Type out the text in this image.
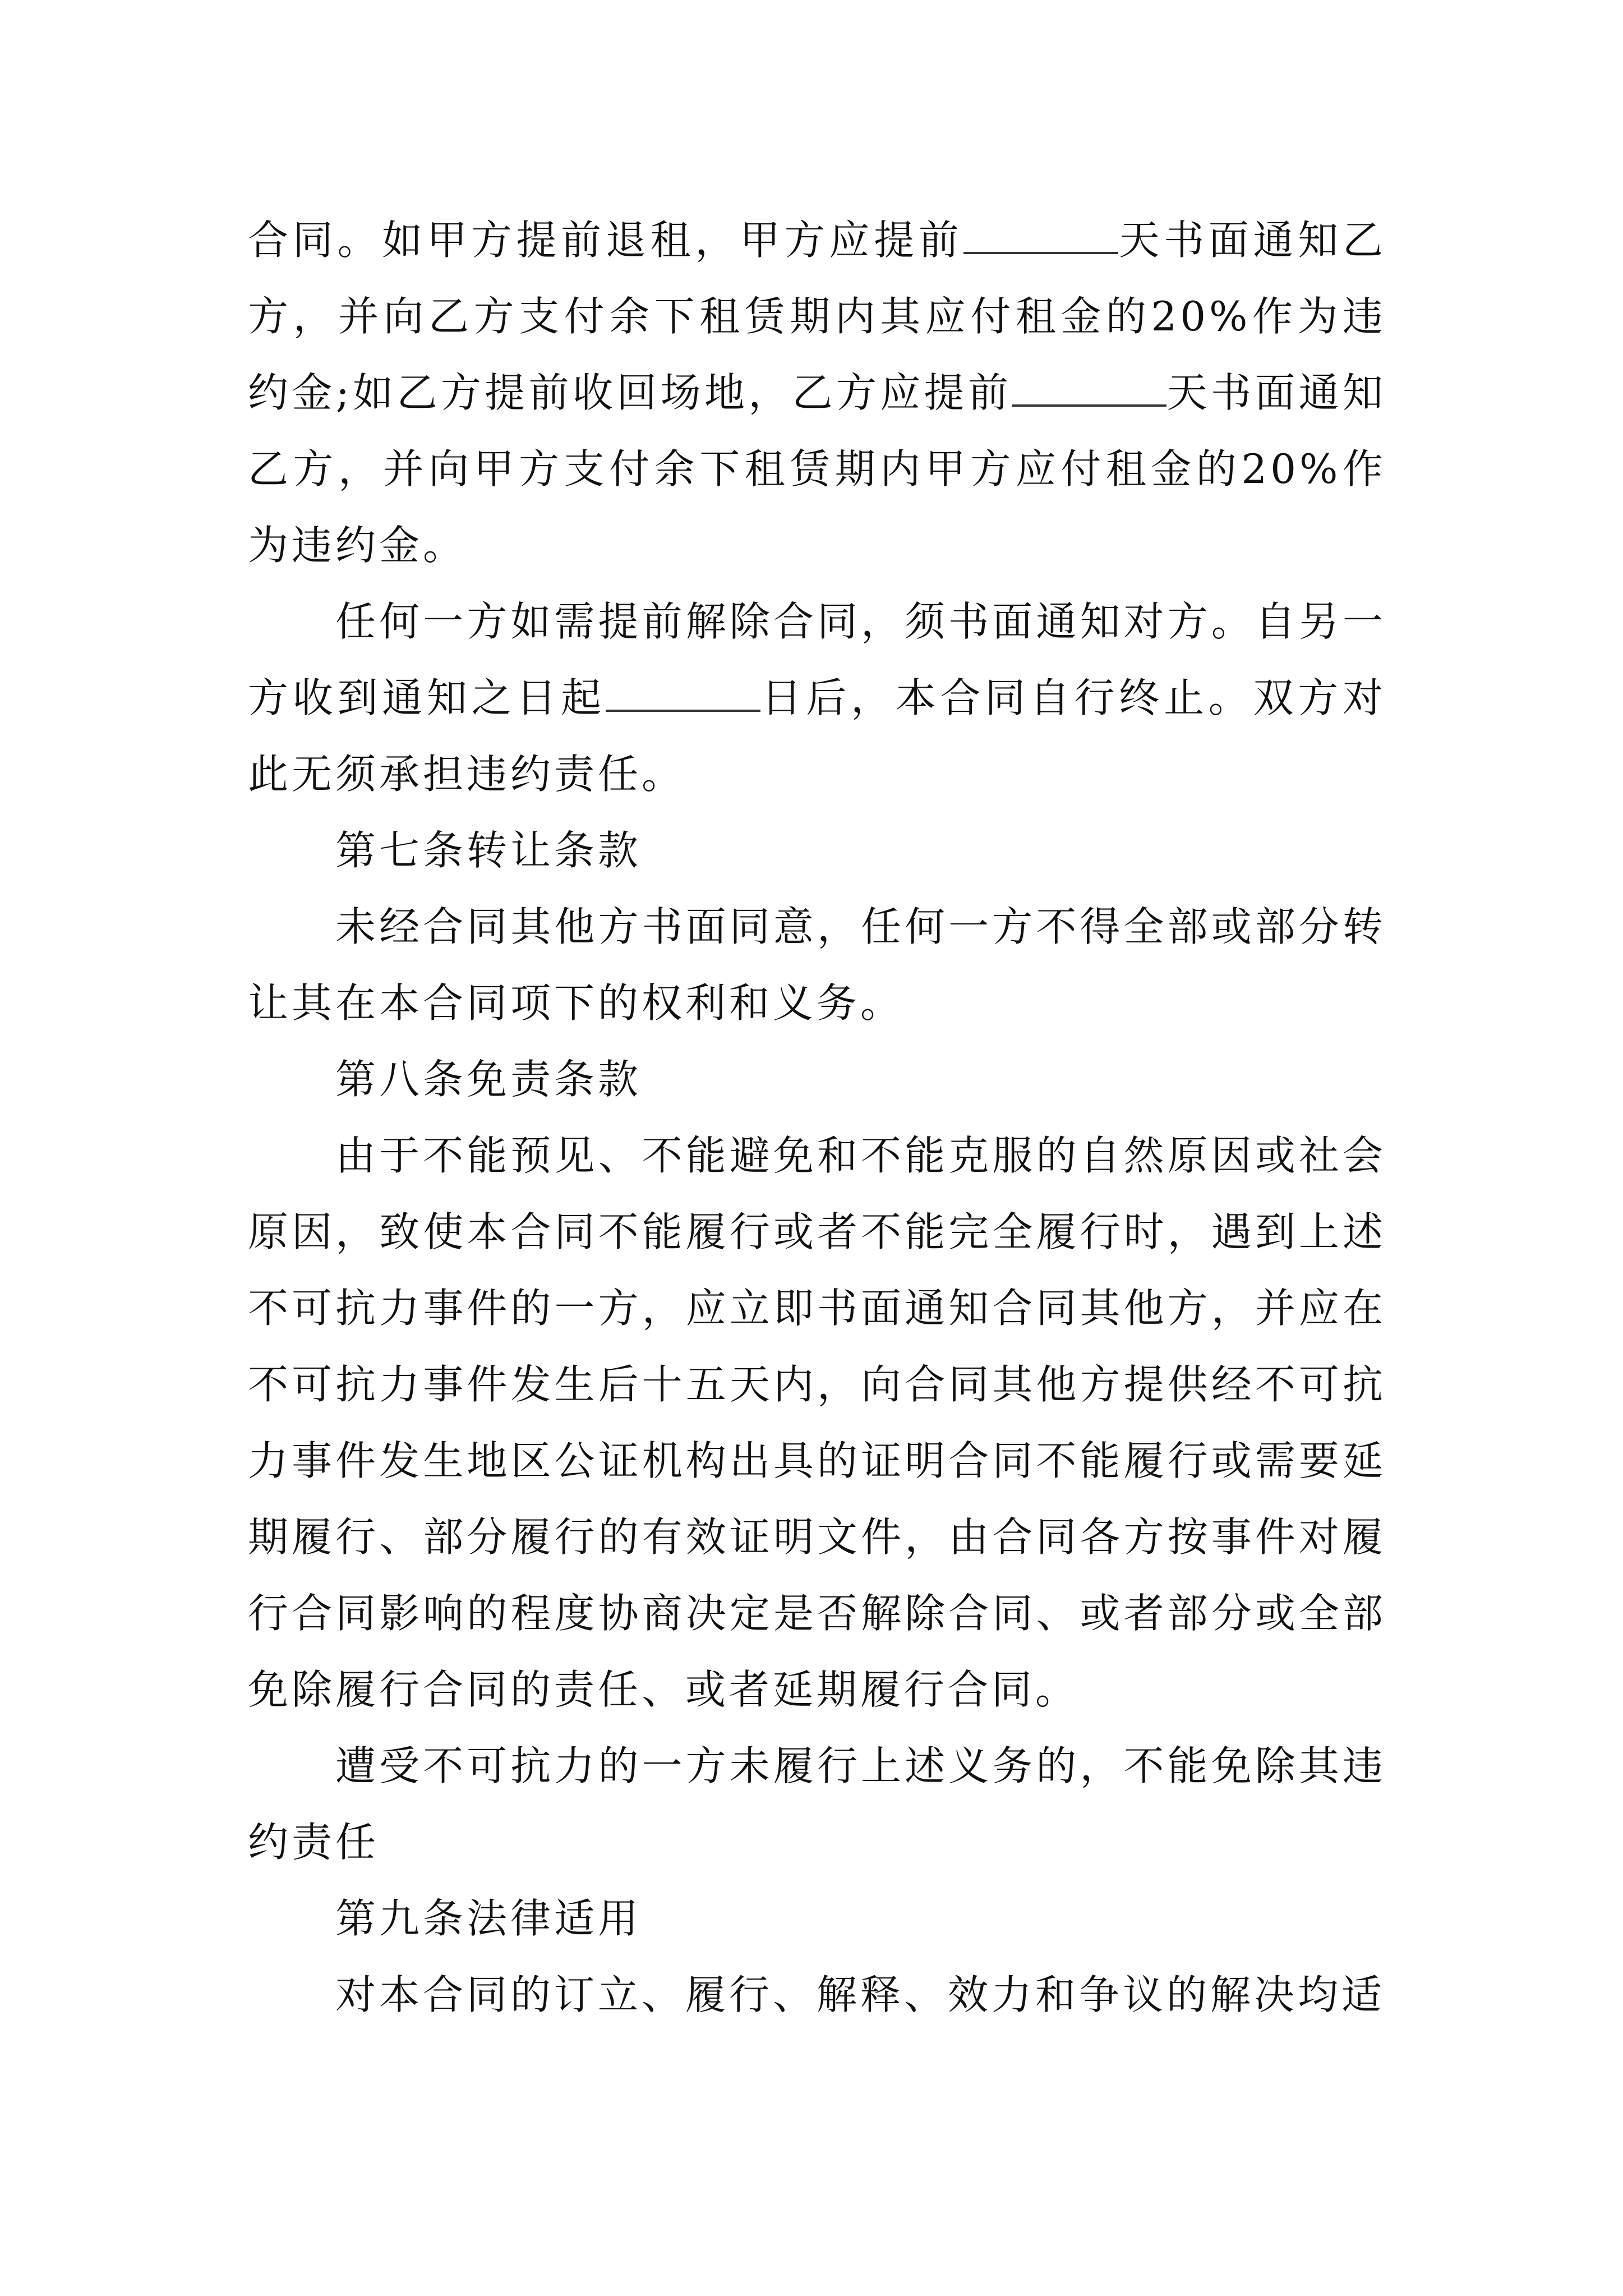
合同。如甲方提前退租，甲方应提前	天书面通知乙方，并向乙方支付余下租赁期内其应付租金的20%作为违约金;如乙方提前收回场地，乙方应提前	天书面通知乙方，并向甲方支付余下租赁期内甲方应付租金的20%作为违约金。

任何一方如需提前解除合同，须书面通知对方。自另一方收到通知之日起	日后，本合同自行终止。双方对此无须承担违约责任。

第七条转让条款

未经合同其他方书面同意，任何一方不得全部或部分转让其在本合同项下的权利和义务。

第八条免责条款

由于不能预见、不能避免和不能克服的自然原因或社会原因，致使本合同不能履行或者不能完全履行时，遇到上述不可抗力事件的一方，应立即书面通知合同其他方，并应在不可抗力事件发生后十五天内，向合同其他方提供经不可抗力事件发生地区公证机构出具的证明合同不能履行或需要延期履行、部分履行的有效证明文件，由合同各方按事件对履行合同影响的程度协商决定是否解除合同、或者部分或全部免除履行合同的责任、或者延期履行合同。

遭受不可抗力的一方未履行上述义务的，不能免除其违约责任

第九条法律适用

对本合同的订立、履行、解释、效力和争议的解决均适
